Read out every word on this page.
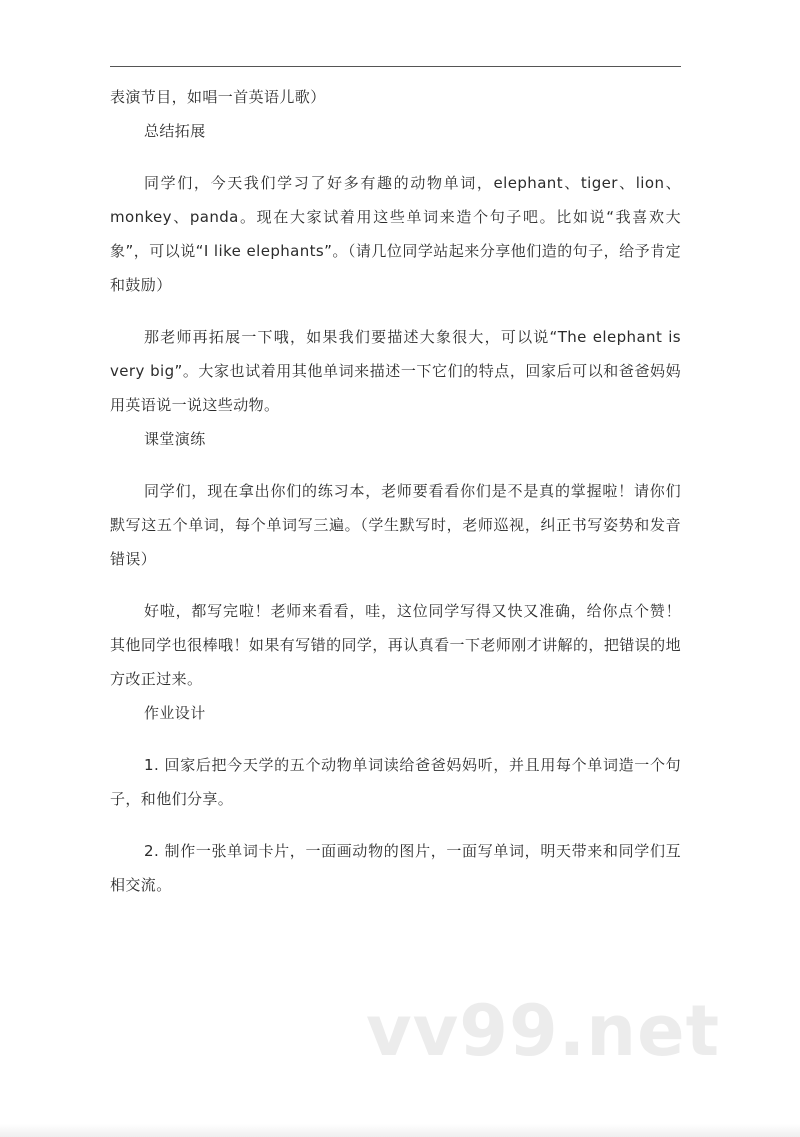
表演节目，如唱一首英语儿歌）

总结拓展

同学们，今天我们学习了好多有趣的动物单词，elephant、tiger、lion、monkey、panda。现在大家试着用这些单词来造个句子吧。比如说“我喜欢大象”，可以说“I like elephants”。（请几位同学站起来分享他们造的句子，给予肯定和鼓励）

那老师再拓展一下哦，如果我们要描述大象很大，可以说“The elephant is very big”。大家也试着用其他单词来描述一下它们的特点，回家后可以和爸爸妈妈用英语说一说这些动物。

课堂演练

同学们，现在拿出你们的练习本，老师要看看你们是不是真的掌握啦！请你们默写这五个单词，每个单词写三遍。（学生默写时，老师巡视，纠正书写姿势和发音错误）

好啦，都写完啦！老师来看看，哇，这位同学写得又快又准确，给你点个赞！其他同学也很棒哦！如果有写错的同学，再认真看一下老师刚才讲解的，把错误的地方改正过来。

作业设计

1. 回家后把今天学的五个动物单词读给爸爸妈妈听，并且用每个单词造一个句子，和他们分享。

2. 制作一张单词卡片，一面画动物的图片，一面写单词，明天带来和同学们互相交流。

vv99.net
